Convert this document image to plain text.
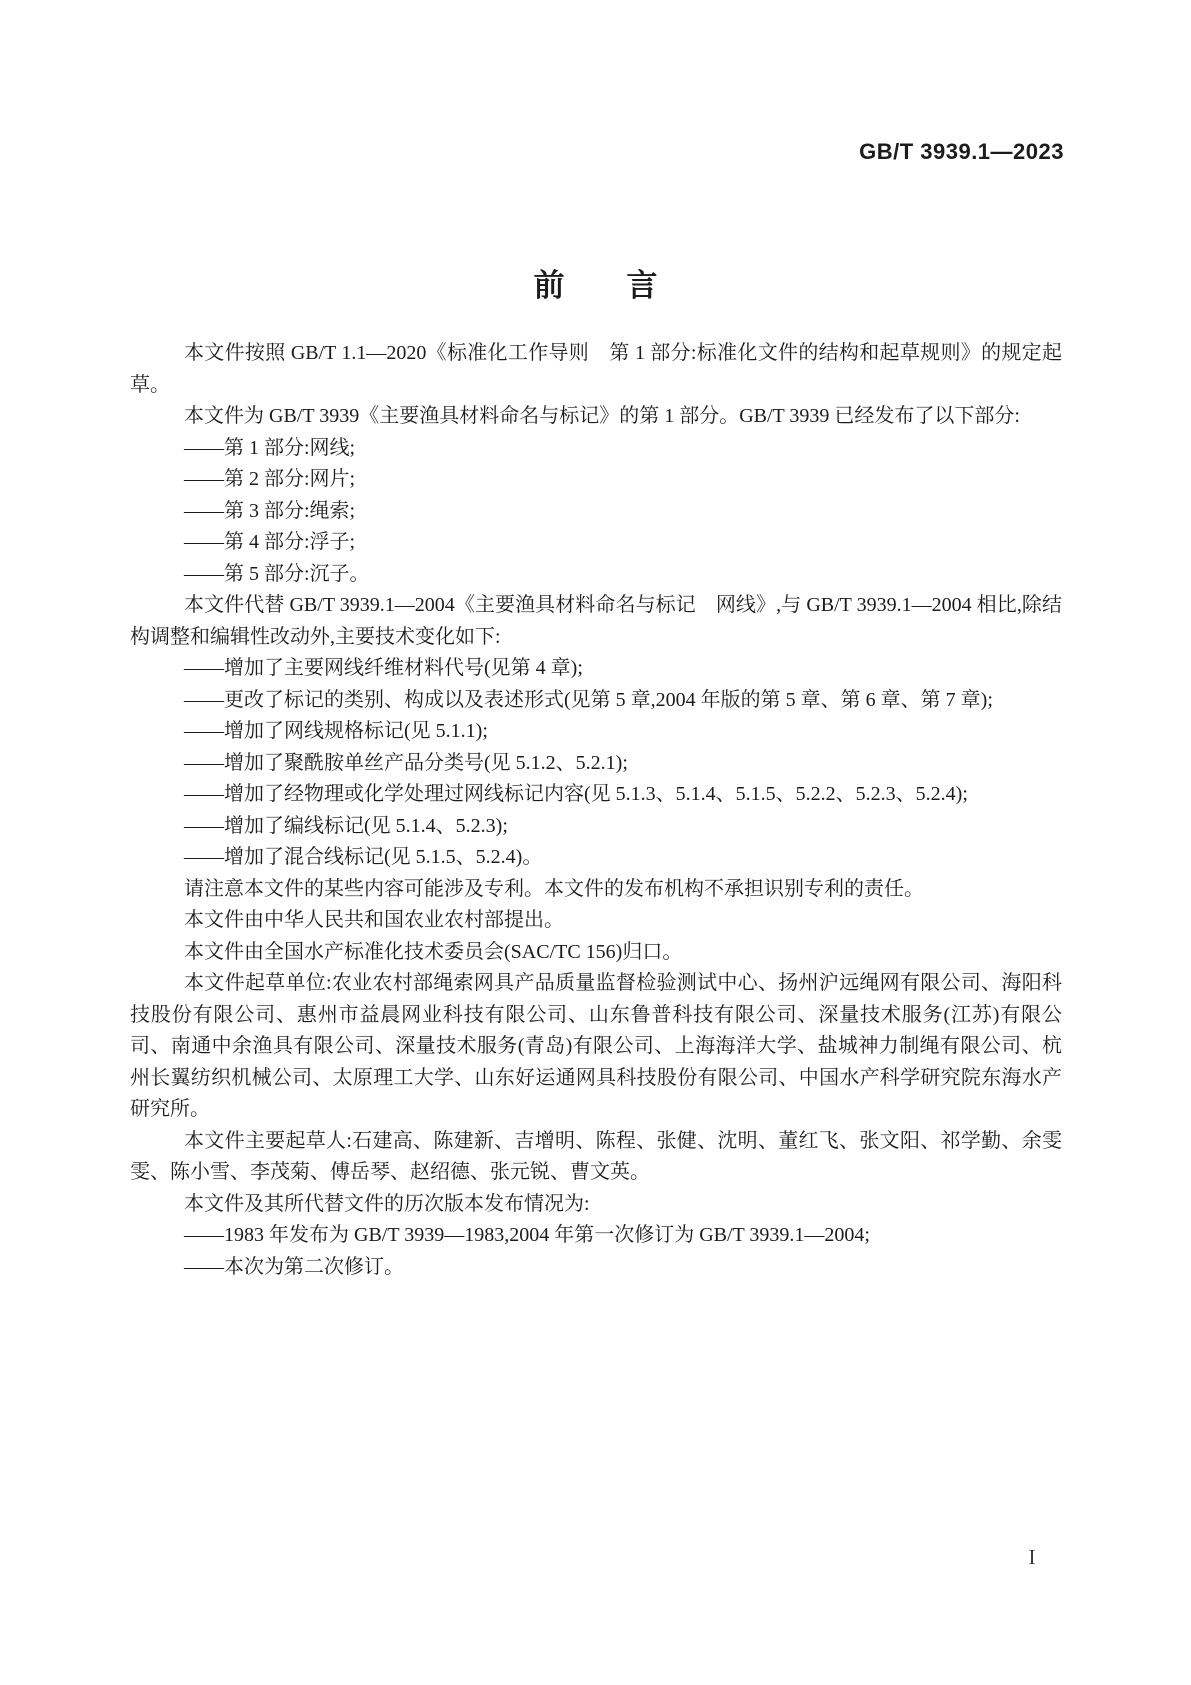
GB/T 3939.1—2023
前　　言

本文件按照 GB/T 1.1—2020《标准化工作导则　第 1 部分:标准化文件的结构和起草规则》的规定起草。

本文件为 GB/T 3939《主要渔具材料命名与标记》的第 1 部分。GB/T 3939 已经发布了以下部分:

——第 1 部分:网线;

——第 2 部分:网片;

——第 3 部分:绳索;

——第 4 部分:浮子;

——第 5 部分:沉子。

本文件代替 GB/T 3939.1—2004《主要渔具材料命名与标记　网线》,与 GB/T 3939.1—2004 相比,除结构调整和编辑性改动外,主要技术变化如下:

——增加了主要网线纤维材料代号(见第 4 章);

——更改了标记的类别、构成以及表述形式(见第 5 章,2004 年版的第 5 章、第 6 章、第 7 章);

——增加了网线规格标记(见 5.1.1);

——增加了聚酰胺单丝产品分类号(见 5.1.2、5.2.1);

——增加了经物理或化学处理过网线标记内容(见 5.1.3、5.1.4、5.1.5、5.2.2、5.2.3、5.2.4);

——增加了编线标记(见 5.1.4、5.2.3);

——增加了混合线标记(见 5.1.5、5.2.4)。

请注意本文件的某些内容可能涉及专利。本文件的发布机构不承担识别专利的责任。

本文件由中华人民共和国农业农村部提出。

本文件由全国水产标准化技术委员会(SAC/TC 156)归口。

本文件起草单位:农业农村部绳索网具产品质量监督检验测试中心、扬州沪远绳网有限公司、海阳科技股份有限公司、惠州市益晨网业科技有限公司、山东鲁普科技有限公司、深量技术服务(江苏)有限公司、南通中余渔具有限公司、深量技术服务(青岛)有限公司、上海海洋大学、盐城神力制绳有限公司、杭州长翼纺织机械公司、太原理工大学、山东好运通网具科技股份有限公司、中国水产科学研究院东海水产研究所。

本文件主要起草人:石建高、陈建新、吉增明、陈程、张健、沈明、董红飞、张文阳、祁学勤、余雯雯、陈小雪、李茂菊、傅岳琴、赵绍德、张元锐、曹文英。

本文件及其所代替文件的历次版本发布情况为:

——1983 年发布为 GB/T 3939—1983,2004 年第一次修订为 GB/T 3939.1—2004;

——本次为第二次修订。

I
